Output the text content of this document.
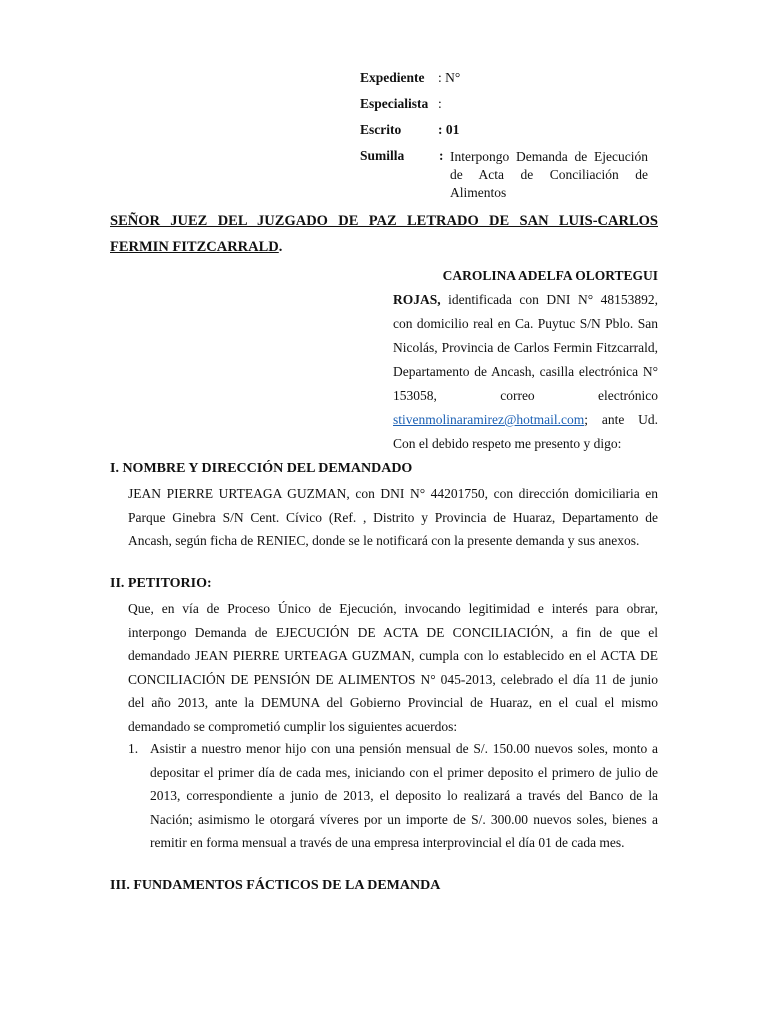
Expediente : N°
Especialista :
Escrito	: 01
Sumilla	: Interpongo Demanda de Ejecución de Acta de Conciliación de Alimentos
SEÑOR JUEZ DEL JUZGADO DE PAZ LETRADO DE SAN LUIS-CARLOS FERMIN FITZCARRALD.
CAROLINA ADELFA OLORTEGUI
ROJAS, identificada con DNI N° 48153892, con domicilio real en Ca. Puytuc S/N Pblo. San Nicolás, Provincia de Carlos Fermin Fitzcarrald, Departamento de Ancash, casilla electrónica N° 153058, correo electrónico stivenmolinaramirez@hotmail.com; ante Ud. Con el debido respeto me presento y digo:
I. NOMBRE Y DIRECCIÓN DEL DEMANDADO
JEAN PIERRE URTEAGA GUZMAN, con DNI N° 44201750, con dirección domiciliaria en Parque Ginebra S/N Cent. Cívico (Ref. , Distrito y Provincia de Huaraz, Departamento de Ancash, según ficha de RENIEC, donde se le notificará con la presente demanda y sus anexos.
II. PETITORIO:
Que, en vía de Proceso Único de Ejecución, invocando legitimidad e interés para obrar, interpongo Demanda de EJECUCIÓN DE ACTA DE CONCILIACIÓN, a fin de que el demandado JEAN PIERRE URTEAGA GUZMAN, cumpla con lo establecido en el ACTA DE CONCILIACIÓN DE PENSIÓN DE ALIMENTOS N° 045-2013, celebrado el día 11 de junio del año 2013, ante la DEMUNA del Gobierno Provincial de Huaraz, en el cual el mismo demandado se comprometió cumplir los siguientes acuerdos:
1. Asistir a nuestro menor hijo con una pensión mensual de S/. 150.00 nuevos soles, monto a depositar el primer día de cada mes, iniciando con el primer deposito el primero de julio de 2013, correspondiente a junio de 2013, el deposito lo realizará a través del Banco de la Nación; asimismo le otorgará víveres por un importe de S/. 300.00 nuevos soles, bienes a remitir en forma mensual a través de una empresa interprovincial el día 01 de cada mes.
III. FUNDAMENTOS FÁCTICOS DE LA DEMANDA
